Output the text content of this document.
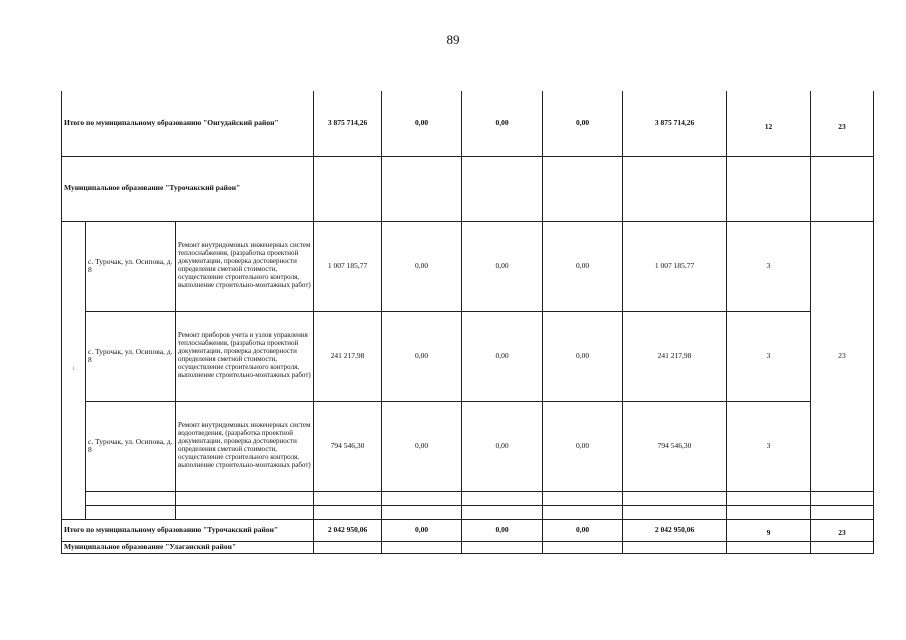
89
Итого по муниципальному образованию "Онгудайский район"			3 875 714,26	0,00	0,00	0,00	3 875 714,26	12	23
Муниципальное образование "Турочакский район"									
1	с. Турочак, ул. Осипова, д. 8	Ремонт внутридомовых инженерных систем теплоснабжения, (разработка проектной документации, проверка достоверности определения сметной стоимости, осуществление строительного контроля, выполнение строительно-монтажных работ)	1 007 185,77	0,00	0,00	0,00	1 007 185,77	3	23
	с. Турочак, ул. Осипова, д. 8	Ремонт приборов учета и узлов управления теплоснабжения, (разработка проектной документации, проверка достоверности определения сметной стоимости, осуществление строительного контроля, выполнение строительно-монтажных работ)	241 217,98	0,00	0,00	0,00	241 217,98	3	
	с. Турочак, ул. Осипова, д. 8	Ремонт внутридомовых инженерных систем водоотведения, (разработка проектной документации, проверка достоверности определения сметной стоимости, осуществление строительного контроля, выполнение строительно-монтажных работ)	794 546,30	0,00	0,00	0,00	794 546,30	3	

Итого по муниципальному образованию "Турочакский район"			2 042 950,06	0,00	0,00	0,00	2 042 950,06	9	23
Муниципальное образование "Улаганский район"									
